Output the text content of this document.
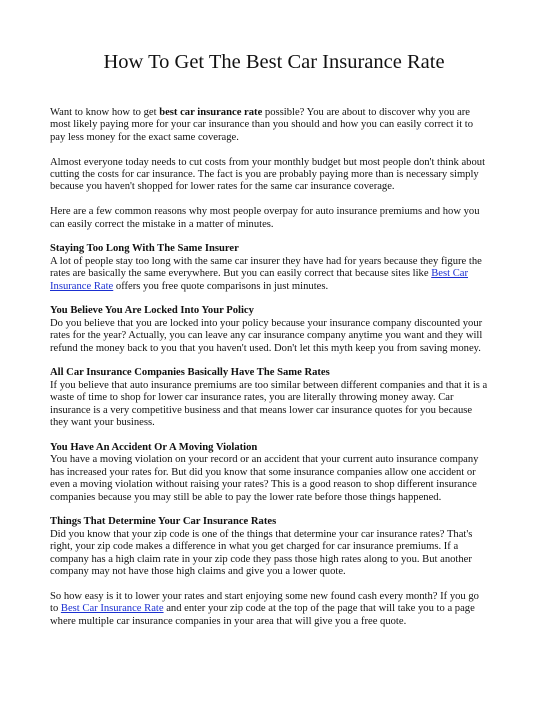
How To Get The Best Car Insurance Rate

Want to know how to get best car insurance rate possible? You are about to discover why you are
most likely paying more for your car insurance than you should and how you can easily correct it to
pay less money for the exact same coverage.

Almost everyone today needs to cut costs from your monthly budget but most people don't think about
cutting the costs for car insurance. The fact is you are probably paying more than is necessary simply
because you haven't shopped for lower rates for the same car insurance coverage.

Here are a few common reasons why most people overpay for auto insurance premiums and how you
can easily correct the mistake in a matter of minutes.

Staying Too Long With The Same Insurer
A lot of people stay too long with the same car insurer they have had for years because they figure the
rates are basically the same everywhere. But you can easily correct that because sites like Best Car
Insurance Rate offers you free quote comparisons in just minutes.

You Believe You Are Locked Into Your Policy
Do you believe that you are locked into your policy because your insurance company discounted your
rates for the year? Actually, you can leave any car insurance company anytime you want and they will
refund the money back to you that you haven't used. Don't let this myth keep you from saving money.

All Car Insurance Companies Basically Have The Same Rates
If you believe that auto insurance premiums are too similar between different companies and that it is a
waste of time to shop for lower car insurance rates, you are literally throwing money away. Car
insurance is a very competitive business and that means lower car insurance quotes for you because
they want your business.

You Have An Accident Or A Moving Violation
You have a moving violation on your record or an accident that your current auto insurance company
has increased your rates for. But did you know that some insurance companies allow one accident or
even a moving violation without raising your rates? This is a good reason to shop different insurance
companies because you may still be able to pay the lower rate before those things happened.

Things That Determine Your Car Insurance Rates
Did you know that your zip code is one of the things that determine your car insurance rates? That's
right, your zip code makes a difference in what you get charged for car insurance premiums. If a
company has a high claim rate in your zip code they pass those high rates along to you. But another
company may not have those high claims and give you a lower quote.

So how easy is it to lower your rates and start enjoying some new found cash every month? If you go
to Best Car Insurance Rate and enter your zip code at the top of the page that will take you to a page
where multiple car insurance companies in your area that will give you a free quote.
